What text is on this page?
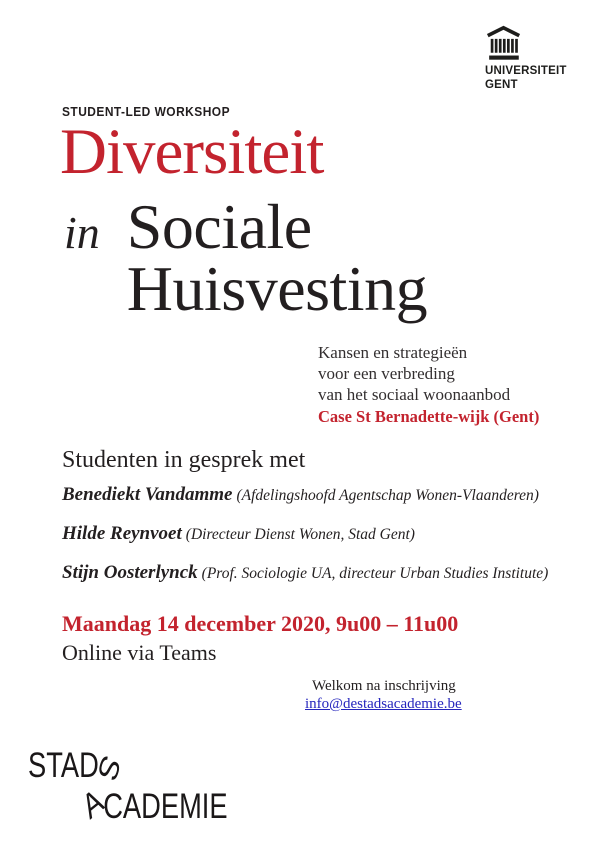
UNIVERSITEIT
GENT
STUDENT-LED WORKSHOP
Diversiteit
in Sociale
Huisvesting
Kansen en strategieën
voor een verbreding
van het sociaal woonaanbod
Case St Bernadette-wijk (Gent)
Studenten in gesprek met
Benediekt Vandamme (Afdelingshoofd Agentschap Wonen-Vlaanderen)
Hilde Reynvoet (Directeur Dienst Wonen, Stad Gent)
Stijn Oosterlynck (Prof. Sociologie UA, directeur Urban Studies Institute)
Maandag 14 december 2020, 9u00 – 11u00
Online via Teams
Welkom na inschrijving
info@destadsacademie.be
STADS
ACADEMIE
